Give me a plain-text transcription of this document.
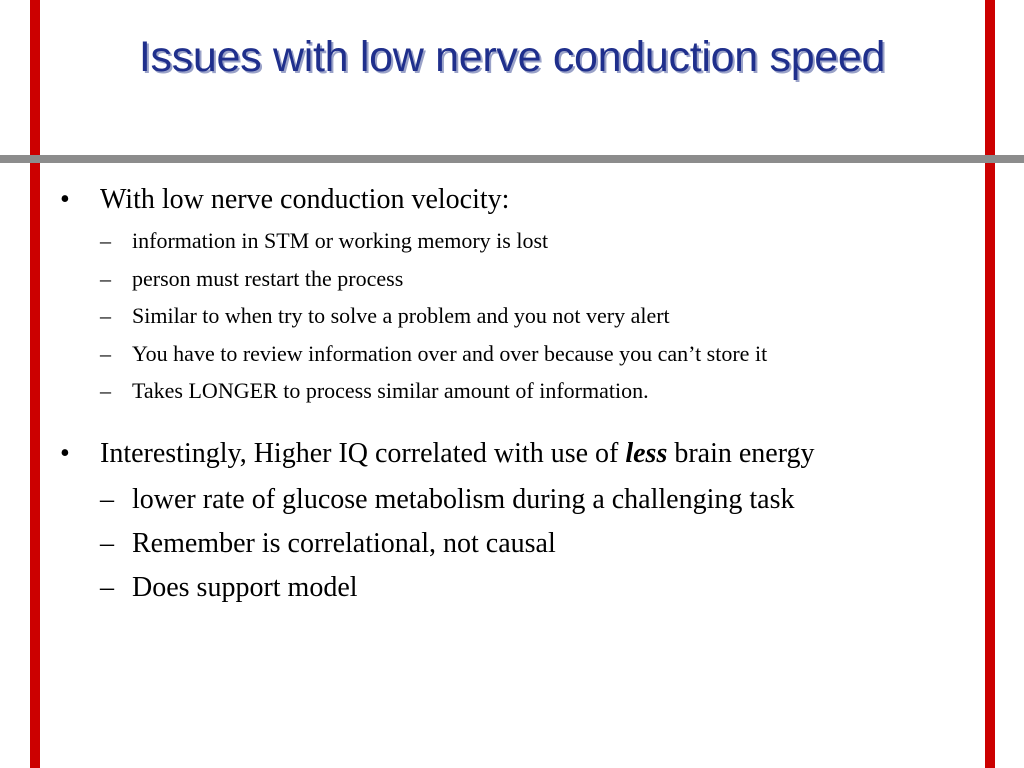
Issues with low nerve conduction speed
• With low nerve conduction velocity:
– information in STM or working memory is lost
– person must restart the process
– Similar to when try to solve a problem and you not very alert
– You have to review information over and over because you can’t store it
– Takes LONGER to process similar amount of information.
• Interestingly, Higher IQ correlated with use of less brain energy
– lower rate of glucose metabolism during a challenging task
– Remember is correlational, not causal
– Does support model
